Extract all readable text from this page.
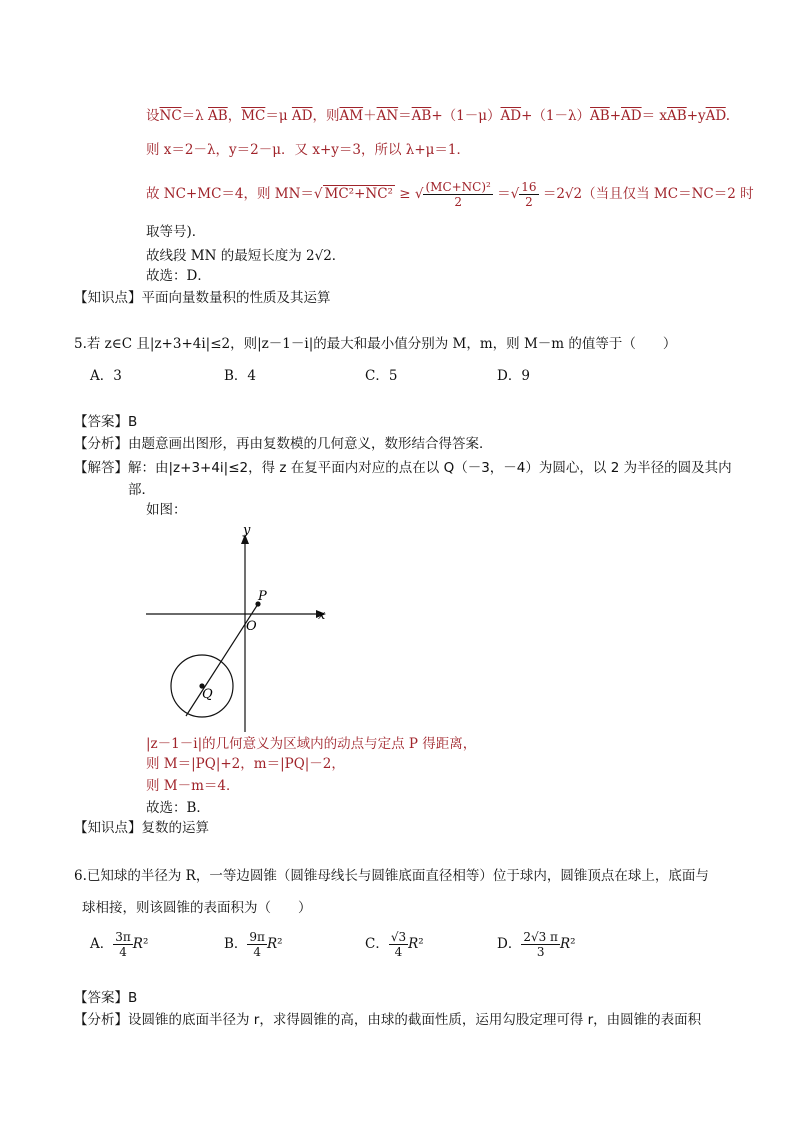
设$\overline{NC}=\lambda$ $\overline{AB}$，$\overline{MC}=\mu$ $\overline{AD}$，则$\overline{AM}+\overline{AN}=\overline{AB}+(1-\mu)\overline{AD}+(1-\lambda)\overline{AB}+\overline{AD}= x\overline{AB}+y\overline{AD}$.
则 x＝2－λ，y＝2－μ．又 x+y＝3，所以 λ+μ＝1．
故 NC+MC＝4，则 MN＝√ MC²+NC² ≥ √ $\frac{\text{(MC+NC)²}}{2}$ ＝√ $\frac{16}{2} =2√2$（当且仅当 MC＝NC＝2 时
取等号)．
故线段 MN 的最短长度为 2√2．
故选：D．
【知识点】平面向量数量积的性质及其运算
5.若 z∈C 且|z+3+4i|≤2，则|z－1－i|的最大和最小值分别为 M，m，则 M－m 的值等于（　　）
A．3	B．4	C．5	D．9
【答案】B
【分析】由题意画出图形，再由复数模的几何意义，数形结合得答案．
【解答】解：由|z+3+4i|≤2，得 z 在复平面内对应的点在以 Q（－3，－4）为圆心，以 2 为半径的圆及其内
部．
如图：
y
x
P
O
Q
|z－1－i|的几何意义为区域内的动点与定点 P 得距离，
则 M＝|PQ|+2，m＝|PQ|－2，
则 M－m＝4．
故选：B．
【知识点】复数的运算
6.已知球的半径为 R，一等边圆锥（圆锥母线长与圆锥底面直径相等）位于球内，圆锥顶点在球上，底面与
球相接，则该圆锥的表面积为（　　）
A． $\frac{3\pi}{4} R^2$	B． $\frac{9\pi}{4} R^2$	C． $\frac{√3}{4} R^2$	D． $\frac{2√3 \pi}{3} R^2$
【答案】B
【分析】设圆锥的底面半径为 r，求得圆锥的高，由球的截面性质，运用勾股定理可得 r，由圆锥的表面积
